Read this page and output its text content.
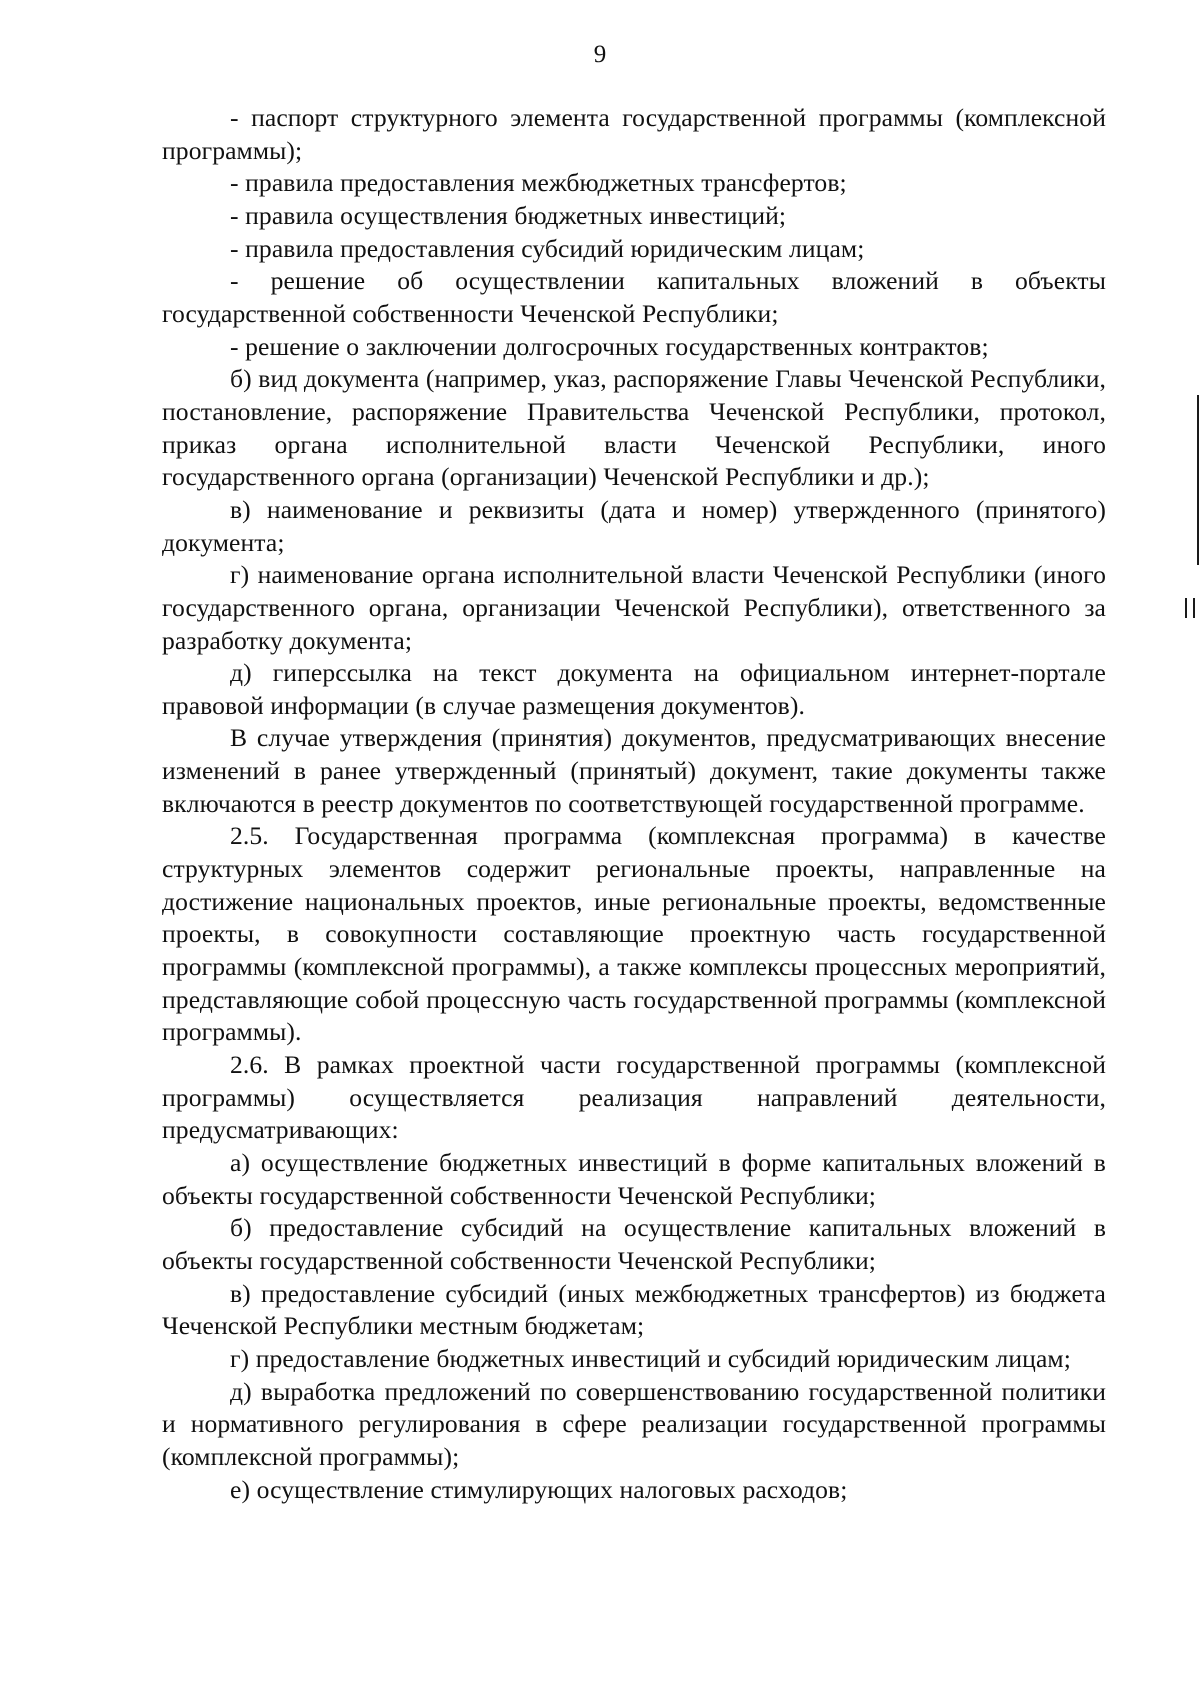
9

- паспорт структурного элемента государственной программы (комплексной программы);

- правила предоставления межбюджетных трансфертов;

- правила осуществления бюджетных инвестиций;

- правила предоставления субсидий юридическим лицам;

- решение об осуществлении капитальных вложений в объекты государственной собственности Чеченской Республики;

- решение о заключении долгосрочных государственных контрактов;

б) вид документа (например, указ, распоряжение Главы Чеченской Республики, постановление, распоряжение Правительства Чеченской Республики, протокол, приказ органа исполнительной власти Чеченской Республики, иного государственного органа (организации) Чеченской Республики и др.);

в) наименование и реквизиты (дата и номер) утвержденного (принятого) документа;

г) наименование органа исполнительной власти Чеченской Республики (иного государственного органа, организации Чеченской Республики), ответственного за разработку документа;

д) гиперссылка на текст документа на официальном интернет-портале правовой информации (в случае размещения документов).

В случае утверждения (принятия) документов, предусматривающих внесение изменений в ранее утвержденный (принятый) документ, такие документы также включаются в реестр документов по соответствующей государственной программе.

2.5. Государственная программа (комплексная программа) в качестве структурных элементов содержит региональные проекты, направленные на достижение национальных проектов, иные региональные проекты, ведомственные проекты, в совокупности составляющие проектную часть государственной программы (комплексной программы), а также комплексы процессных мероприятий, представляющие собой процессную часть государственной программы (комплексной программы).

2.6. В рамках проектной части государственной программы (комплексной программы) осуществляется реализация направлений деятельности, предусматривающих:

а) осуществление бюджетных инвестиций в форме капитальных вложений в объекты государственной собственности Чеченской Республики;

б) предоставление субсидий на осуществление капитальных вложений в объекты государственной собственности Чеченской Республики;

в) предоставление субсидий (иных межбюджетных трансфертов) из бюджета Чеченской Республики местным бюджетам;

г) предоставление бюджетных инвестиций и субсидий юридическим лицам;

д) выработка предложений по совершенствованию государственной политики и нормативного регулирования в сфере реализации государственной программы (комплексной программы);

е) осуществление стимулирующих налоговых расходов;
